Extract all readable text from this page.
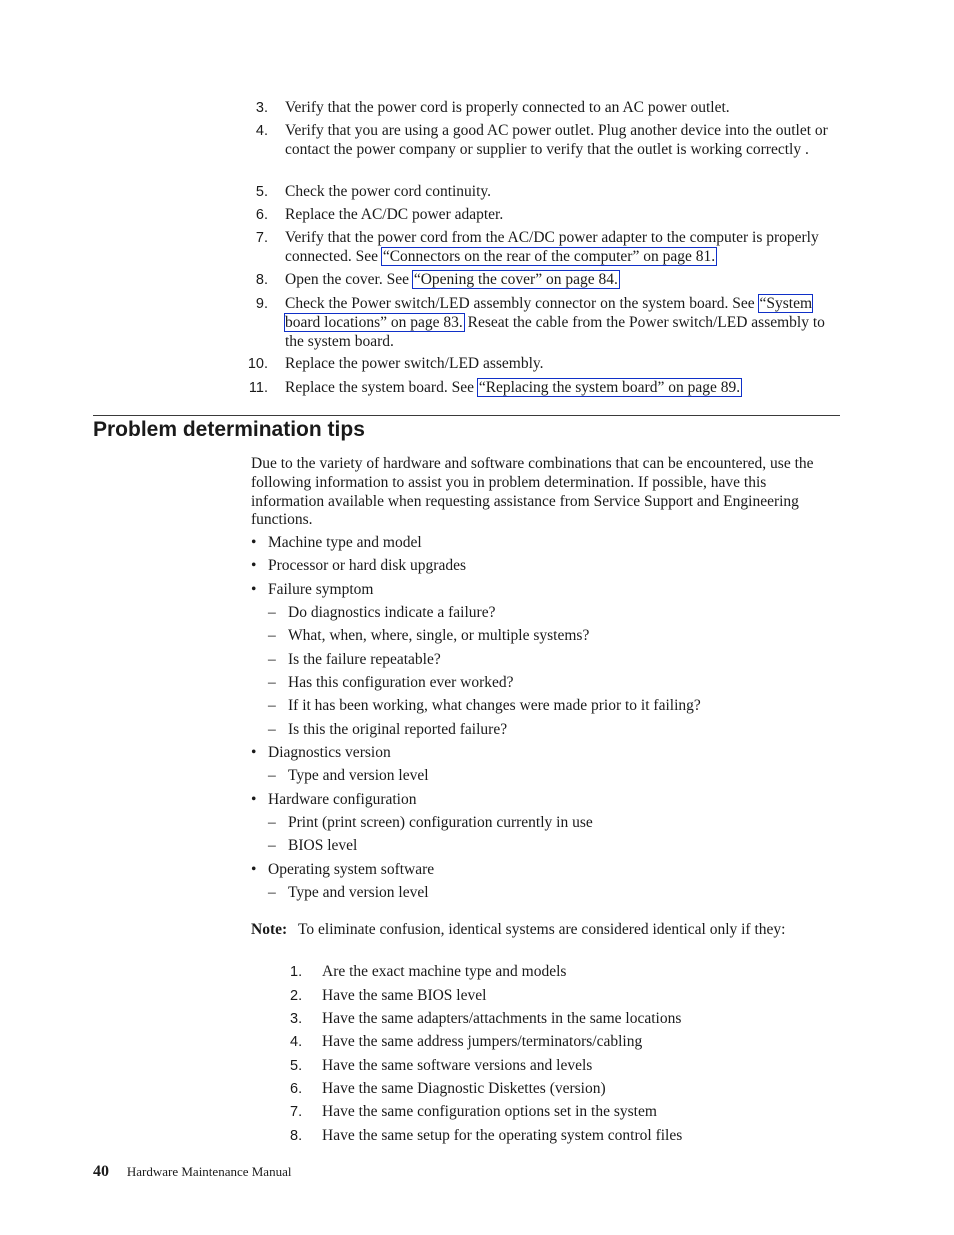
3. Verify that the power cord is properly connected to an AC power outlet.
4. Verify that you are using a good AC power outlet. Plug another device into the outlet or contact the power company or supplier to verify that the outlet is working correctly .
5. Check the power cord continuity.
6. Replace the AC/DC power adapter.
7. Verify that the power cord from the AC/DC power adapter to the computer is properly connected. See “Connectors on the rear of the computer” on page 81.
8. Open the cover. See “Opening the cover” on page 84.
9. Check the Power switch/LED assembly connector on the system board. See “System board locations” on page 83. Reseat the cable from the Power switch/LED assembly to the system board.
10. Replace the power switch/LED assembly.
11. Replace the system board. See “Replacing the system board” on page 89.
Problem determination tips

Due to the variety of hardware and software combinations that can be encountered, use the following information to assist you in problem determination. If possible, have this information available when requesting assistance from Service Support and Engineering functions.

• Machine type and model
• Processor or hard disk upgrades
• Failure symptom
– Do diagnostics indicate a failure?
– What, when, where, single, or multiple systems?
– Is the failure repeatable?
– Has this configuration ever worked?
– If it has been working, what changes were made prior to it failing?
– Is this the original reported failure?
• Diagnostics version
– Type and version level
• Hardware configuration
– Print (print screen) configuration currently in use
– BIOS level
• Operating system software
– Type and version level
Note: To eliminate confusion, identical systems are considered identical only if they:
1. Are the exact machine type and models
2. Have the same BIOS level
3. Have the same adapters/attachments in the same locations
4. Have the same address jumpers/terminators/cabling
5. Have the same software versions and levels
6. Have the same Diagnostic Diskettes (version)
7. Have the same configuration options set in the system
8. Have the same setup for the operating system control files
40 Hardware Maintenance Manual
